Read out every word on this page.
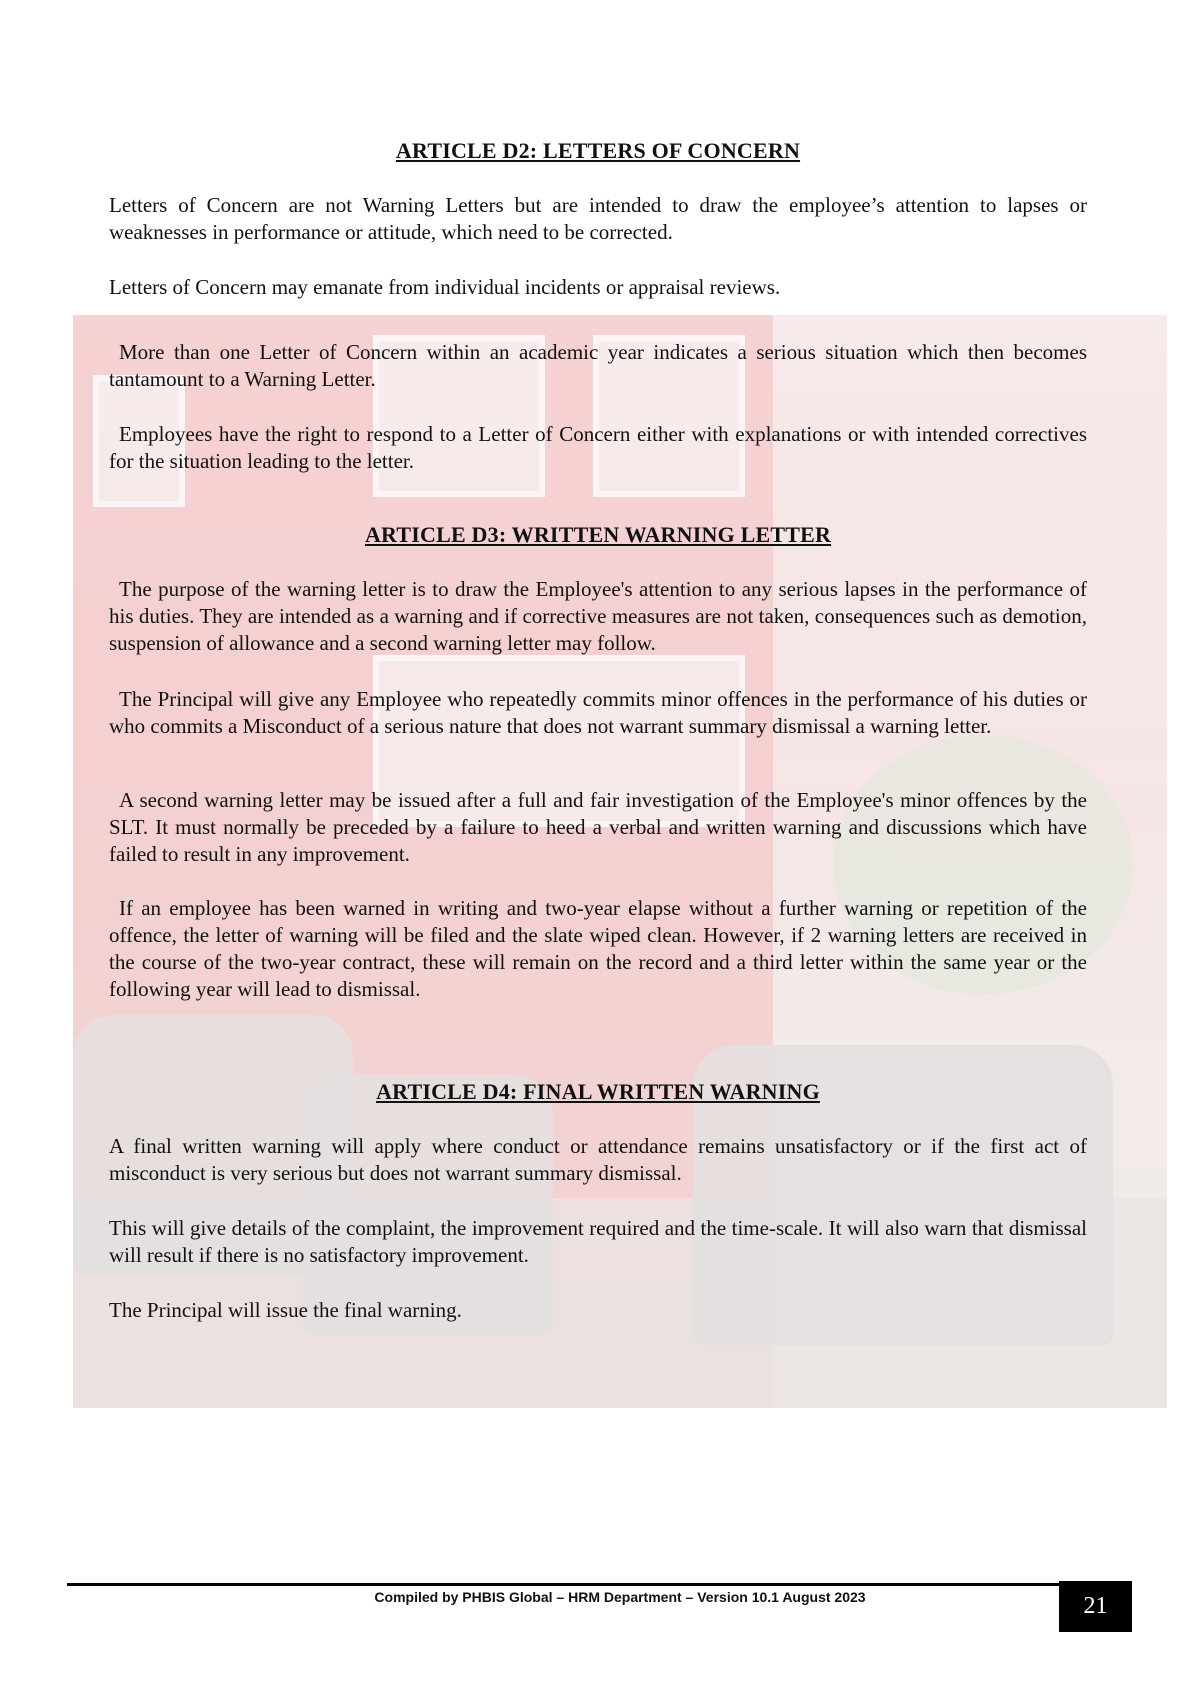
ARTICLE D2: LETTERS OF CONCERN
Letters of Concern are not Warning Letters but are intended to draw the employee’s attention to lapses or weaknesses in performance or attitude, which need to be corrected.
Letters of Concern may emanate from individual incidents or appraisal reviews.
More than one Letter of Concern within an academic year indicates a serious situation which then becomes tantamount to a Warning Letter.
Employees have the right to respond to a Letter of Concern either with explanations or with intended correctives for the situation leading to the letter.
ARTICLE D3: WRITTEN WARNING LETTER
The purpose of the warning letter is to draw the Employee's attention to any serious lapses in the performance of his duties. They are intended as a warning and if corrective measures are not taken, consequences such as demotion, suspension of allowance and a second warning letter may follow.
The Principal will give any Employee who repeatedly commits minor offences in the performance of his duties or who commits a Misconduct of a serious nature that does not warrant summary dismissal a warning letter.
A second warning letter may be issued after a full and fair investigation of the Employee's minor offences by the SLT. It must normally be preceded by a failure to heed a verbal and written warning and discussions which have failed to result in any improvement.
If an employee has been warned in writing and two-year elapse without a further warning or repetition of the offence, the letter of warning will be filed and the slate wiped clean. However, if 2 warning letters are received in the course of the two-year contract, these will remain on the record and a third letter within the same year or the following year will lead to dismissal.
ARTICLE D4: FINAL WRITTEN WARNING
A final written warning will apply where conduct or attendance remains unsatisfactory or if the first act of misconduct is very serious but does not warrant summary dismissal.
This will give details of the complaint, the improvement required and the time-scale. It will also warn that dismissal will result if there is no satisfactory improvement.
The Principal will issue the final warning.
Compiled by PHBIS Global – HRM Department – Version 10.1 August 2023	21
